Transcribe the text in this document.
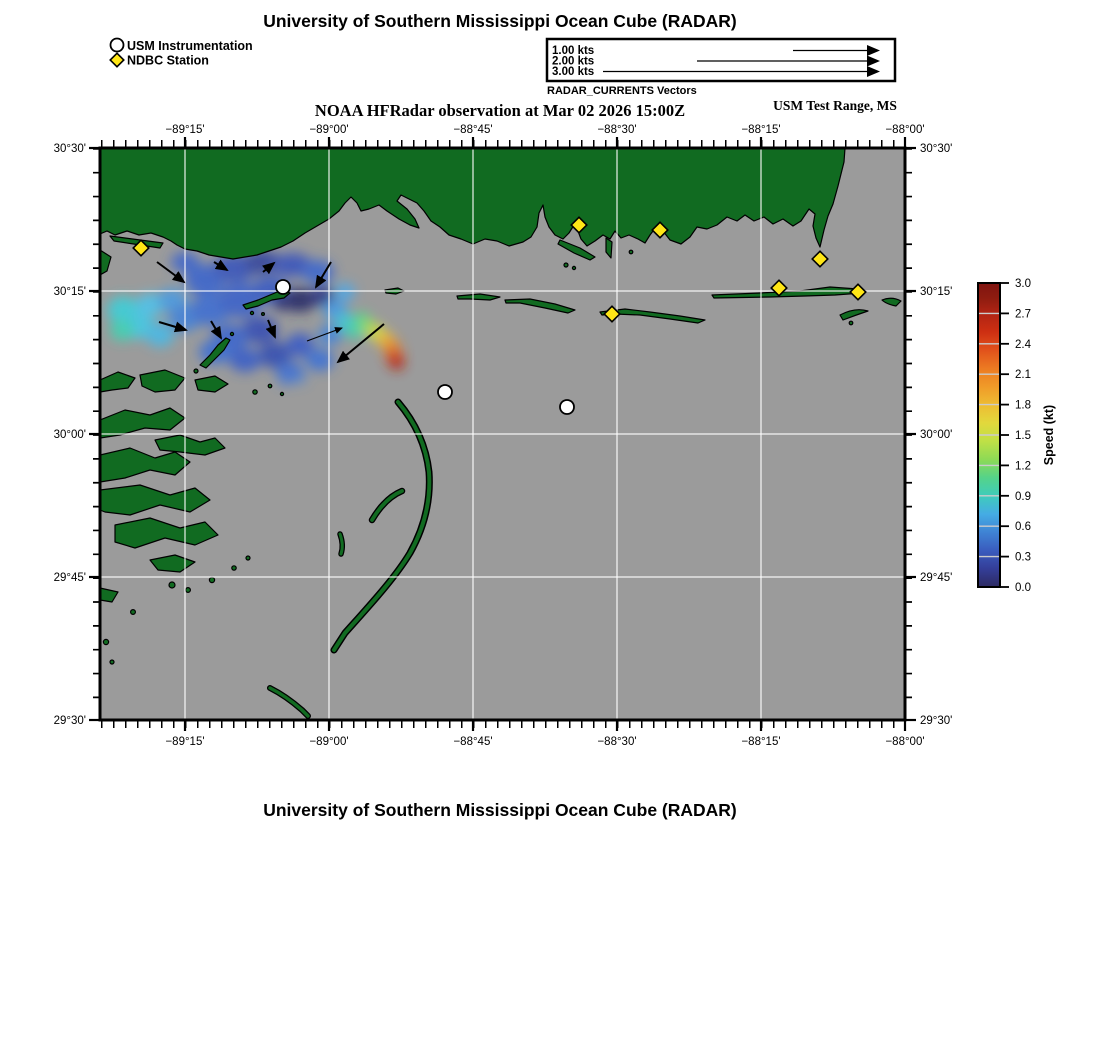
University of Southern Mississippi Ocean Cube (RADAR)
USM Instrumentation
NDBC Station
1.00 kts
2.00 kts
3.00 kts
RADAR_CURRENTS Vectors
NOAA HFRadar observation at Mar 02 2026 15:00Z	USM Test Range, MS
−89°15'	−89°00'	−88°45'	−88°30'	−88°15'	−88°00'
−89°15'	−89°00'	−88°45'	−88°30'	−88°15'	−88°00'
30°30'
30°15'
30°00'
29°45'
29°30'
30°30'
30°15'
30°00'
29°45'
29°30'
3.0
2.7
2.4
2.1
1.8
1.5
1.2
0.9
0.6
0.3
0.0
Speed (kt)
University of Southern Mississippi Ocean Cube (RADAR)
